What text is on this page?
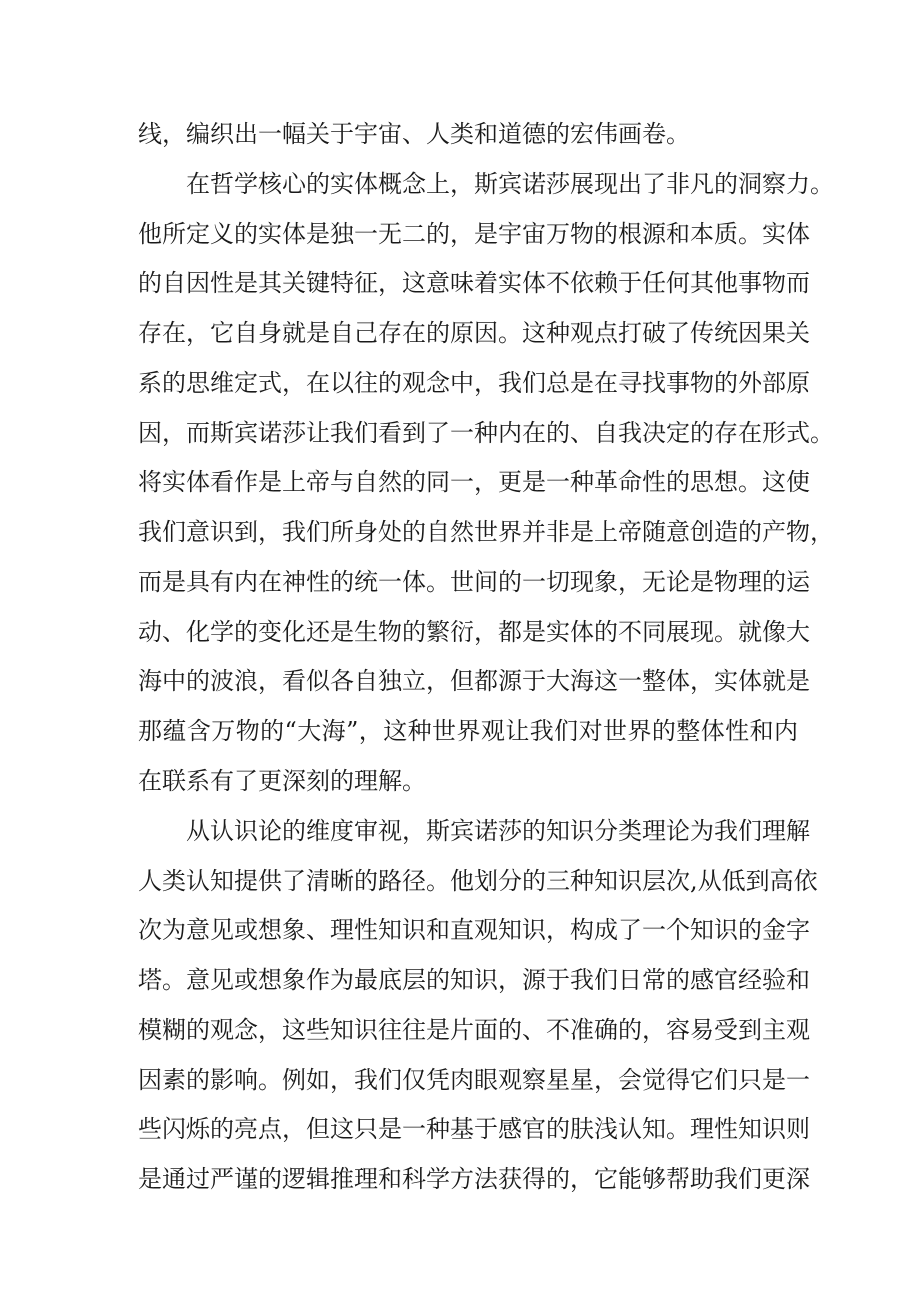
线，编织出一幅关于宇宙、人类和道德的宏伟画卷。
在哲学核心的实体概念上，斯宾诺莎展现出了非凡的洞察力。
他所定义的实体是独一无二的，是宇宙万物的根源和本质。实体
的自因性是其关键特征，这意味着实体不依赖于任何其他事物而
存在，它自身就是自己存在的原因。这种观点打破了传统因果关
系的思维定式，在以往的观念中，我们总是在寻找事物的外部原
因，而斯宾诺莎让我们看到了一种内在的、自我决定的存在形式。
将实体看作是上帝与自然的同一，更是一种革命性的思想。这使
我们意识到，我们所身处的自然世界并非是上帝随意创造的产物，
而是具有内在神性的统一体。世间的一切现象，无论是物理的运
动、化学的变化还是生物的繁衍，都是实体的不同展现。就像大
海中的波浪，看似各自独立，但都源于大海这一整体，实体就是
那蕴含万物的“大海”，这种世界观让我们对世界的整体性和内
在联系有了更深刻的理解。
从认识论的维度审视，斯宾诺莎的知识分类理论为我们理解
人类认知提供了清晰的路径。他划分的三种知识层次,从低到高依
次为意见或想象、理性知识和直观知识，构成了一个知识的金字
塔。意见或想象作为最底层的知识，源于我们日常的感官经验和
模糊的观念，这些知识往往是片面的、不准确的，容易受到主观
因素的影响。例如，我们仅凭肉眼观察星星，会觉得它们只是一
些闪烁的亮点，但这只是一种基于感官的肤浅认知。理性知识则
是通过严谨的逻辑推理和科学方法获得的，它能够帮助我们更深
